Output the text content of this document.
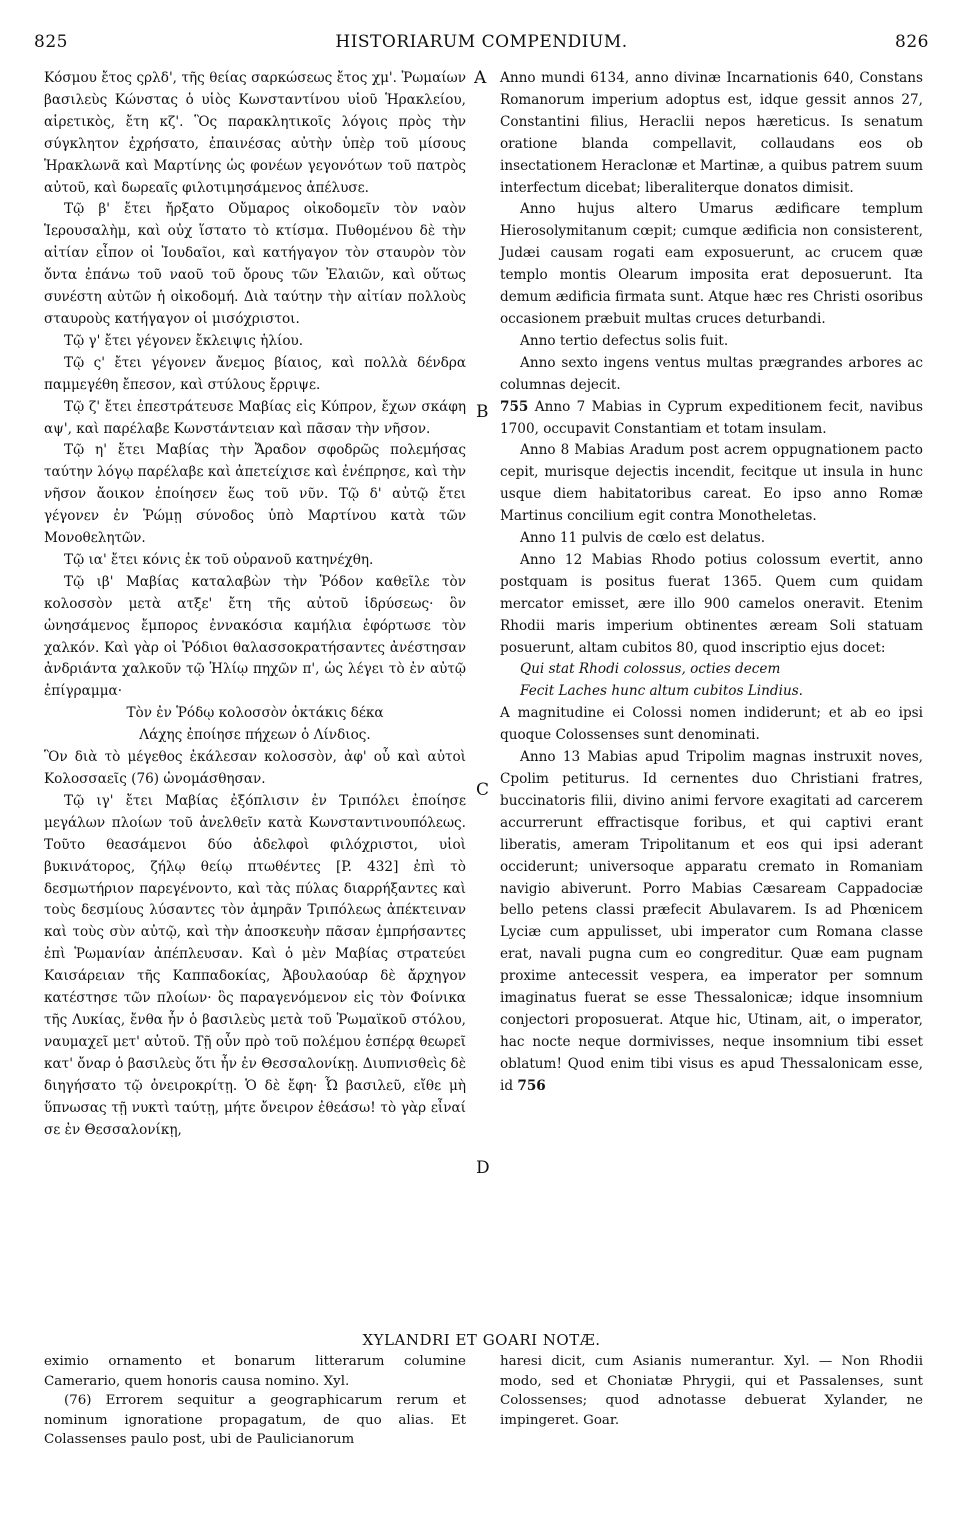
825	HISTORIARUM COMPENDIUM.	826
A
B
C
D

Κόσμου ἔτος ςρλδ', τῆς θείας σαρκώσεως ἔτος χμ'. Ῥωμαίων βασιλεὺς Κώνστας ὁ υἱὸς Κωνσταντίνου υἱοῦ Ἡρακλείου, αἱρετικὸς, ἔτη κζ'. Ὃς παρακλητικοῖς λόγοις πρὸς τὴν σύγκλητον ἐχρήσατο, ἐπαινέσας αὐτὴν ὑπὲρ τοῦ μίσους Ἡρακλωνᾶ καὶ Μαρτίνης ὡς φονέων γεγονότων τοῦ πατρὸς αὐτοῦ, καὶ δωρεαῖς φιλοτιμησάμενος ἀπέλυσε.

Τῷ β' ἔτει ἤρξατο Οὔμαρος οἰκοδομεῖν τὸν ναὸν Ἱερουσαλὴμ, καὶ οὐχ ἵστατο τὸ κτίσμα. Πυθομένου δὲ τὴν αἰτίαν εἶπον οἱ Ἰουδαῖοι, καὶ κατήγαγον τὸν σταυρὸν τὸν ὄντα ἐπάνω τοῦ ναοῦ τοῦ ὄρους τῶν Ἐλαιῶν, καὶ οὕτως συνέστη αὐτῶν ἡ οἰκοδομή. Διὰ ταύτην τὴν αἰτίαν πολλοὺς σταυροὺς κατήγαγον οἱ μισόχριστοι.

Τῷ γ' ἔτει γέγονεν ἔκλειψις ἡλίου.

Τῷ ς' ἔτει γέγονεν ἄνεμος βίαιος, καὶ πολλὰ δένδρα παμμεγέθη ἔπεσον, καὶ στύλους ἔρριψε.

Τῷ ζ' ἔτει ἐπεστράτευσε Μαβίας εἰς Κύπρον, ἔχων σκάφη αψ', καὶ παρέλαβε Κωνστάντειαν καὶ πᾶσαν τὴν νῆσον.

Τῷ η' ἔτει Μαβίας τὴν Ἄραδον σφοδρῶς πολεμήσας ταύτην λόγῳ παρέλαβε καὶ ἀπετείχισε καὶ ἐνέπρησε, καὶ τὴν νῆσον ἄοικον ἐποίησεν ἕως τοῦ νῦν. Τῷ δ' αὐτῷ ἔτει γέγονεν ἐν Ῥώμῃ σύνοδος ὑπὸ Μαρτίνου κατὰ τῶν Μονοθελητῶν.

Τῷ ια' ἔτει κόνις ἐκ τοῦ οὐρανοῦ κατηνέχθη.

Τῷ ιβ' Μαβίας καταλαβὼν τὴν Ῥόδον καθεῖλε τὸν κολοσσὸν μετὰ ατξε' ἔτη τῆς αὐτοῦ ἱδρύσεως· ὃν ὠνησάμενος ἔμπορος ἐννακόσια καμήλια ἐφόρτωσε τὸν χαλκόν. Καὶ γὰρ οἱ Ῥόδιοι θαλασσοκρατήσαντες ἀνέστησαν ἀνδριάντα χαλκοῦν τῷ Ἡλίῳ πηχῶν π', ὡς λέγει τὸ ἐν αὐτῷ ἐπίγραμμα·

Τὸν ἐν Ῥόδῳ κολοσσὸν ὀκτάκις δέκα

Λάχης ἐποίησε πήχεων ὁ Λίνδιος.

Ὃν διὰ τὸ μέγεθος ἐκάλεσαν κολοσσὸν, ἀφ' οὗ καὶ αὐτοὶ Κολοσσαεῖς (76) ὠνομάσθησαν.

Τῷ ιγ' ἔτει Μαβίας ἐξόπλισιν ἐν Τριπόλει ἐποίησε μεγάλων πλοίων τοῦ ἀνελθεῖν κατὰ Κωνσταντινουπόλεως. Τοῦτο θεασάμενοι δύο ἀδελφοὶ φιλόχριστοι, υἱοὶ βυκινάτορος, ζήλῳ θείῳ πτωθέντες [P. 432] ἐπὶ τὸ δεσμωτήριον παρεγένοντο, καὶ τὰς πύλας διαρρήξαντες καὶ τοὺς δεσμίους λύσαντες τὸν ἀμηρᾶν Τριπόλεως ἀπέκτειναν καὶ τοὺς σὺν αὐτῷ, καὶ τὴν ἀποσκευὴν πᾶσαν ἐμπρήσαντες ἐπὶ Ῥωμανίαν ἀπέπλευσαν. Καὶ ὁ μὲν Μαβίας στρατεύει Καισάρειαν τῆς Καππαδοκίας, Ἀβουλαούαρ δὲ ἄρχηγον κατέστησε τῶν πλοίων· ὃς παραγενόμενον εἰς τὸν Φοίνικα τῆς Λυκίας, ἔνθα ἦν ὁ βασιλεὺς μετὰ τοῦ Ῥωμαϊκοῦ στόλου, ναυμαχεῖ μετ' αὐτοῦ. Τῇ οὖν πρὸ τοῦ πολέμου ἑσπέρᾳ θεωρεῖ κατ' ὄναρ ὁ βασιλεὺς ὅτι ἦν ἐν Θεσσαλονίκῃ. Διυπνισθεὶς δὲ διηγήσατο τῷ ὀνειροκρίτῃ. Ὁ δὲ ἔφη· Ὦ βασιλεῦ, εἴθε μὴ ὕπνωσας τῇ νυκτὶ ταύτῃ, μήτε ὄνειρον ἐθεάσω! τὸ γὰρ εἶναί σε ἐν Θεσσαλονίκῃ,

Anno mundi 6134, anno divinæ Incarnationis 640, Constans Romanorum imperium adoptus est, idque gessit annos 27, Constantini filius, Heraclii nepos hæreticus. Is senatum oratione blanda compellavit, collaudans eos ob insectationem Heraclonæ et Martinæ, a quibus patrem suum interfectum dicebat; liberaliterque donatos dimisit.

Anno hujus altero Umarus ædificare templum Hierosolymitanum cœpit; cumque ædificia non consisterent, Judæi causam rogati eam exposuerunt, ac crucem quæ templo montis Olearum imposita erat deposuerunt. Ita demum ædificia firmata sunt. Atque hæc res Christi osoribus occasionem præbuit multas cruces deturbandi.

Anno tertio defectus solis fuit.

Anno sexto ingens ventus multas prægrandes arbores ac columnas dejecit.

755 Anno 7 Mabias in Cyprum expeditionem fecit, navibus 1700, occupavit Constantiam et totam insulam.

Anno 8 Mabias Aradum post acrem oppugnationem pacto cepit, murisque dejectis incendit, fecitque ut insula in hunc usque diem habitatoribus careat. Eo ipso anno Romæ Martinus concilium egit contra Monotheletas.

Anno 11 pulvis de cœlo est delatus.

Anno 12 Mabias Rhodo potius colossum evertit, anno postquam is positus fuerat 1365. Quem cum quidam mercator emisset, ære illo 900 camelos oneravit. Etenim Rhodii maris imperium obtinentes æream Soli statuam posuerunt, altam cubitos 80, quod inscriptio ejus docet:

Qui stat Rhodi colossus, octies decem

Fecit Laches hunc altum cubitos Lindius.

A magnitudine ei Colossi nomen indiderunt; et ab eo ipsi quoque Colossenses sunt denominati.

Anno 13 Mabias apud Tripolim magnas instruxit noves, Cpolim petiturus. Id cernentes duo Christiani fratres, buccinatoris filii, divino animi fervore exagitati ad carcerem accurrerunt effractisque foribus, et qui captivi erant liberatis, ameram Tripolitanum et eos qui ipsi aderant occiderunt; universoque apparatu cremato in Romaniam navigio abiverunt. Porro Mabias Cæsaream Cappadociæ bello petens classi præfecit Abulavarem. Is ad Phœnicem Lyciæ cum appulisset, ubi imperator cum Romana classe erat, navali pugna cum eo congreditur. Quæ eam pugnam proxime antecessit vespera, ea imperator per somnum imaginatus fuerat se esse Thessalonicæ; idque insomnium conjectori proposuerat. Atque hic, Utinam, ait, o imperator, hac nocte neque dormivisses, neque insomnium tibi esset oblatum! Quod enim tibi visus es apud Thessalonicam esse, id 756

XYLANDRI ET GOARI NOTÆ.

eximio ornamento et bonarum litterarum columine Camerario, quem honoris causa nomino. Xyl.

(76) Errorem sequitur a geographicarum rerum et nominum ignoratione propagatum, de quo alias. Et Colassenses paulo post, ubi de Paulicianorum

haresi dicit, cum Asianis numerantur. Xyl. — Non Rhodii modo, sed et Choniatæ Phrygii, qui et Passalenses, sunt Colossenses; quod adnotasse debuerat Xylander, ne impingeret. Goar.
